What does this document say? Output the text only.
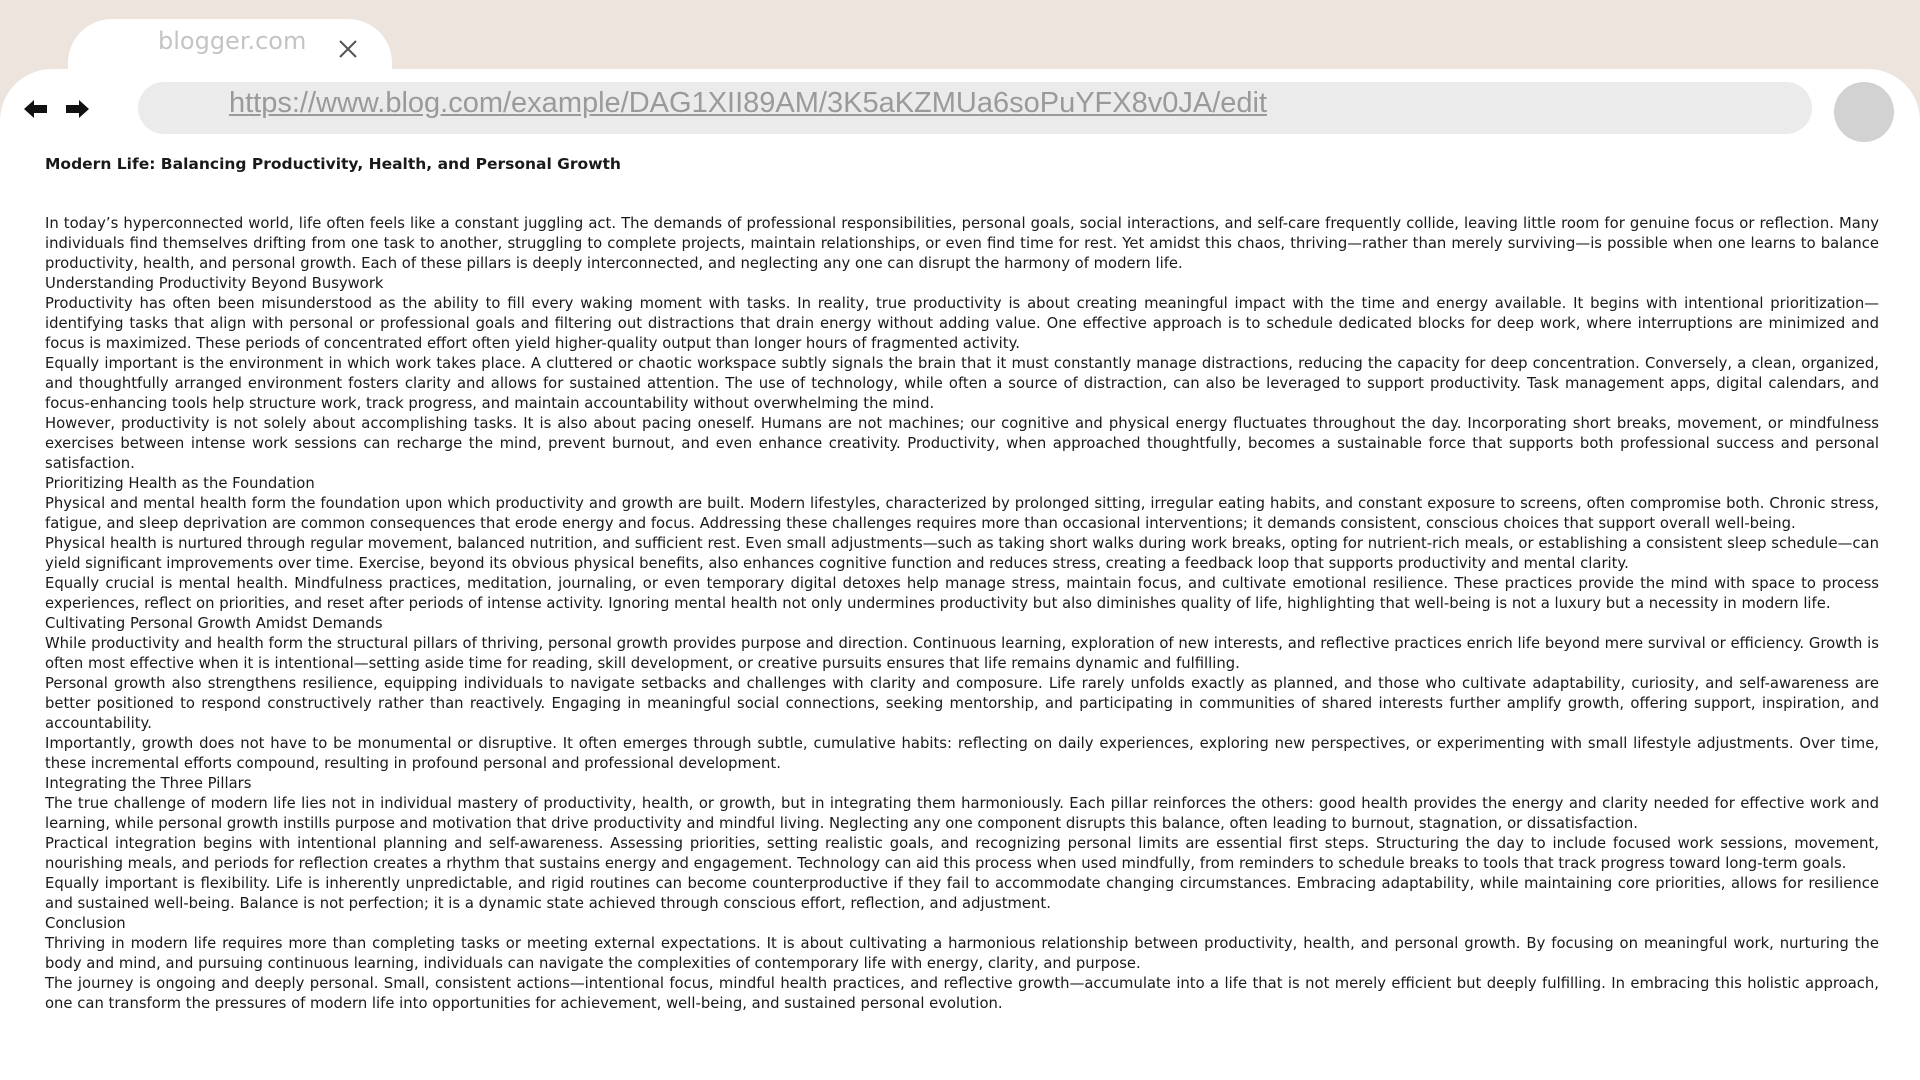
blogger.com
https://www.blog.com/example/DAG1XII89AM/3K5aKZMUa6soPuYFX8v0JA/edit
Modern Life: Balancing Productivity, Health, and Personal Growth

In today’s hyperconnected world, life often feels like a constant juggling act. The demands of professional responsibilities, personal goals, social interactions, and self-care frequently collide, leaving little room for genuine focus or reflection. Many individuals find themselves drifting from one task to another, struggling to complete projects, maintain relationships, or even find time for rest. Yet amidst this chaos, thriving—rather than merely surviving—is possible when one learns to balance productivity, health, and personal growth. Each of these pillars is deeply interconnected, and neglecting any one can disrupt the harmony of modern life.

Understanding Productivity Beyond Busywork

Productivity has often been misunderstood as the ability to fill every waking moment with tasks. In reality, true productivity is about creating meaningful impact with the time and energy available. It begins with intentional prioritization—identifying tasks that align with personal or professional goals and filtering out distractions that drain energy without adding value. One effective approach is to schedule dedicated blocks for deep work, where interruptions are minimized and focus is maximized. These periods of concentrated effort often yield higher-quality output than longer hours of fragmented activity.

Equally important is the environment in which work takes place. A cluttered or chaotic workspace subtly signals the brain that it must constantly manage distractions, reducing the capacity for deep concentration. Conversely, a clean, organized, and thoughtfully arranged environment fosters clarity and allows for sustained attention. The use of technology, while often a source of distraction, can also be leveraged to support productivity. Task management apps, digital calendars, and focus-enhancing tools help structure work, track progress, and maintain accountability without overwhelming the mind.

However, productivity is not solely about accomplishing tasks. It is also about pacing oneself. Humans are not machines; our cognitive and physical energy fluctuates throughout the day. Incorporating short breaks, movement, or mindfulness exercises between intense work sessions can recharge the mind, prevent burnout, and even enhance creativity. Productivity, when approached thoughtfully, becomes a sustainable force that supports both professional success and personal satisfaction.

Prioritizing Health as the Foundation

Physical and mental health form the foundation upon which productivity and growth are built. Modern lifestyles, characterized by prolonged sitting, irregular eating habits, and constant exposure to screens, often compromise both. Chronic stress, fatigue, and sleep deprivation are common consequences that erode energy and focus. Addressing these challenges requires more than occasional interventions; it demands consistent, conscious choices that support overall well-being.

Physical health is nurtured through regular movement, balanced nutrition, and sufficient rest. Even small adjustments—such as taking short walks during work breaks, opting for nutrient-rich meals, or establishing a consistent sleep schedule—can yield significant improvements over time. Exercise, beyond its obvious physical benefits, also enhances cognitive function and reduces stress, creating a feedback loop that supports productivity and mental clarity.

Equally crucial is mental health. Mindfulness practices, meditation, journaling, or even temporary digital detoxes help manage stress, maintain focus, and cultivate emotional resilience. These practices provide the mind with space to process experiences, reflect on priorities, and reset after periods of intense activity. Ignoring mental health not only undermines productivity but also diminishes quality of life, highlighting that well-being is not a luxury but a necessity in modern life.

Cultivating Personal Growth Amidst Demands

While productivity and health form the structural pillars of thriving, personal growth provides purpose and direction. Continuous learning, exploration of new interests, and reflective practices enrich life beyond mere survival or efficiency. Growth is often most effective when it is intentional—setting aside time for reading, skill development, or creative pursuits ensures that life remains dynamic and fulfilling.

Personal growth also strengthens resilience, equipping individuals to navigate setbacks and challenges with clarity and composure. Life rarely unfolds exactly as planned, and those who cultivate adaptability, curiosity, and self-awareness are better positioned to respond constructively rather than reactively. Engaging in meaningful social connections, seeking mentorship, and participating in communities of shared interests further amplify growth, offering support, inspiration, and accountability.

Importantly, growth does not have to be monumental or disruptive. It often emerges through subtle, cumulative habits: reflecting on daily experiences, exploring new perspectives, or experimenting with small lifestyle adjustments. Over time, these incremental efforts compound, resulting in profound personal and professional development.

Integrating the Three Pillars

The true challenge of modern life lies not in individual mastery of productivity, health, or growth, but in integrating them harmoniously. Each pillar reinforces the others: good health provides the energy and clarity needed for effective work and learning, while personal growth instills purpose and motivation that drive productivity and mindful living. Neglecting any one component disrupts this balance, often leading to burnout, stagnation, or dissatisfaction.

Practical integration begins with intentional planning and self-awareness. Assessing priorities, setting realistic goals, and recognizing personal limits are essential first steps. Structuring the day to include focused work sessions, movement, nourishing meals, and periods for reflection creates a rhythm that sustains energy and engagement. Technology can aid this process when used mindfully, from reminders to schedule breaks to tools that track progress toward long-term goals.

Equally important is flexibility. Life is inherently unpredictable, and rigid routines can become counterproductive if they fail to accommodate changing circumstances. Embracing adaptability, while maintaining core priorities, allows for resilience and sustained well-being. Balance is not perfection; it is a dynamic state achieved through conscious effort, reflection, and adjustment.

Conclusion

Thriving in modern life requires more than completing tasks or meeting external expectations. It is about cultivating a harmonious relationship between productivity, health, and personal growth. By focusing on meaningful work, nurturing the body and mind, and pursuing continuous learning, individuals can navigate the complexities of contemporary life with energy, clarity, and purpose.

The journey is ongoing and deeply personal. Small, consistent actions—intentional focus, mindful health practices, and reflective growth—accumulate into a life that is not merely efficient but deeply fulfilling. In embracing this holistic approach, one can transform the pressures of modern life into opportunities for achievement, well-being, and sustained personal evolution.
